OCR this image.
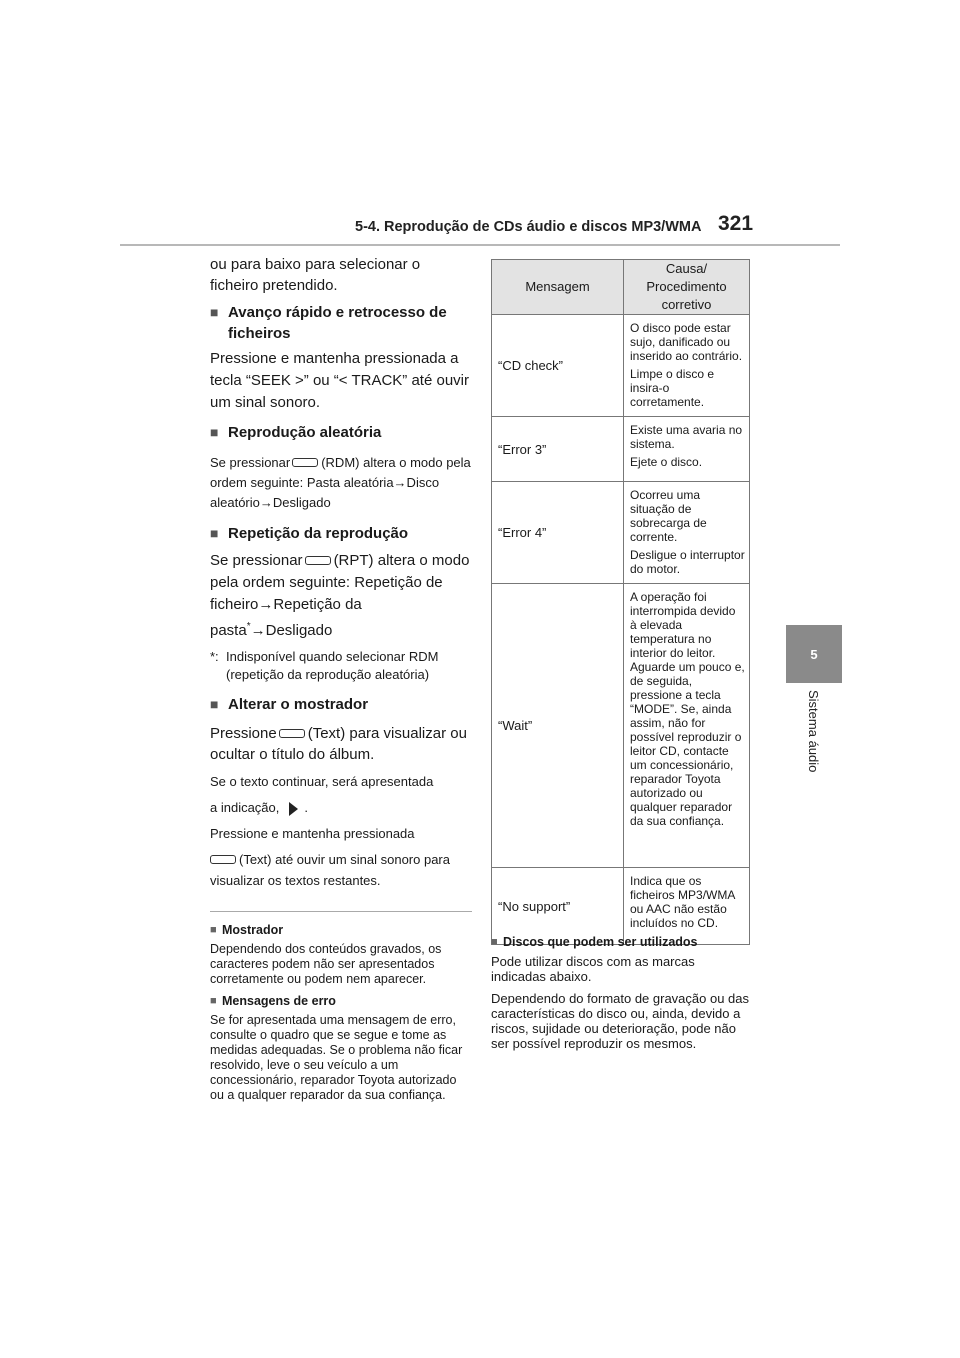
5-4. Reprodução de CDs áudio e discos MP3/WMA 321
5
Sistema áudio

ou para baixo para selecionar o ficheiro pretendido.

■ Avanço rápido e retrocesso de ficheiros

Pressione e mantenha pressionada a tecla “SEEK >” ou “< TRACK” até ouvir um sinal sonoro.

■ Reprodução aleatória

Se pressionar (RDM) altera o modo pela ordem seguinte: Pasta aleatória→Disco aleatório→Desligado

■ Repetição da reprodução

Se pressionar (RPT) altera o modo pela ordem seguinte: Repetição de ficheiro→Repetição da pasta*→Desligado

*: Indisponível quando selecionar RDM (repetição da reprodução aleatória)
■ Alterar o mostrador

Pressione (Text) para visualizar ou ocultar o título do álbum.

Se o texto continuar, será apresentada

a indicação, .

Pressione e mantenha pressionada

(Text) até ouvir um sinal sonoro para visualizar os textos restantes.

■ Mostrador

Dependendo dos conteúdos gravados, os caracteres podem não ser apresentados corretamente ou podem nem aparecer.

■ Mensagens de erro

Se for apresentada uma mensagem de erro, consulte o quadro que se segue e tome as medidas adequadas. Se o problema não ficar resolvido, leve o seu veículo a um concessionário, reparador Toyota autorizado ou a qualquer reparador da sua confiança.

Mensagem	Causa/ Procedimento corretivo
“CD check”	O disco pode estar sujo, danificado ou inserido ao contrário.
Limpe o disco e insira-o corretamente.

“Error 3”	Existe uma avaria no sistema.
Ejete o disco.

“Error 4”	Ocorreu uma situação de sobrecarga de corrente.
Desligue o interruptor do motor.

“Wait”	A operação foi interrompida devido à elevada temperatura no interior do leitor. Aguarde um pouco e, de seguida, pressione a tecla “MODE”. Se, ainda assim, não for possível reproduzir o leitor CD, contacte um concessionário, reparador Toyota autorizado ou qualquer reparador da sua confiança.

“No support”	Indica que os ficheiros MP3/WMA ou AAC não estão incluídos no CD.
■ Discos que podem ser utilizados

Pode utilizar discos com as marcas indicadas abaixo.

Dependendo do formato de gravação ou das características do disco ou, ainda, devido a riscos, sujidade ou deterioração, pode não ser possível reproduzir os mesmos.
